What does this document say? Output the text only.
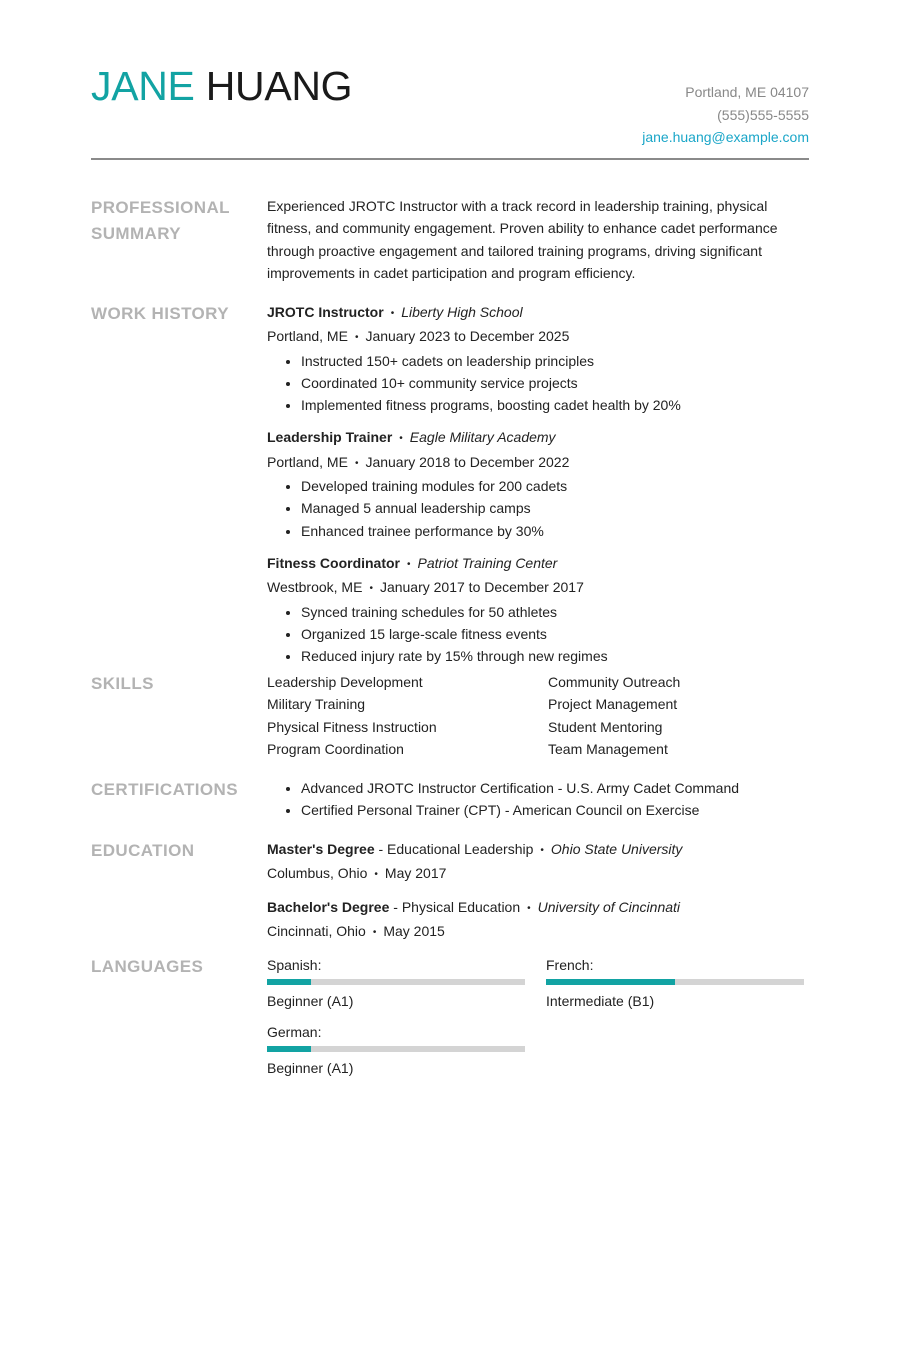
JANE HUANG	Portland, ME 04107
(555)555-5555
jane.huang@example.com
PROFESSIONAL SUMMARY

Experienced JROTC Instructor with a track record in leadership training, physical fitness, and community engagement. Proven ability to enhance cadet performance through proactive engagement and tailored training programs, driving significant improvements in cadet participation and program efficiency.

WORK HISTORY	JROTC Instructor • Liberty High School
Portland, ME • January 2023 to December 2025
• Instructed 150+ cadets on leadership principles
• Coordinated 10+ community service projects
• Implemented fitness programs, boosting cadet health by 20%
Leadership Trainer • Eagle Military Academy
Portland, ME • January 2018 to December 2022
• Developed training modules for 200 cadets
• Managed 5 annual leadership camps
• Enhanced trainee performance by 30%
Fitness Coordinator • Patriot Training Center
Westbrook, ME • January 2017 to December 2017
• Synced training schedules for 50 athletes
• Organized 15 large-scale fitness events
• Reduced injury rate by 15% through new regimes
SKILLS	Leadership Development	Community Outreach
Military Training	Project Management
Physical Fitness Instruction	Student Mentoring
Program Coordination	Team Management
CERTIFICATIONS
•	Advanced JROTC Instructor Certification - U.S. Army Cadet Command
• Certified Personal Trainer (CPT) - American Council on Exercise
EDUCATION	Master's Degree - Educational Leadership • Ohio State University
Columbus, Ohio • May 2017
Bachelor's Degree - Physical Education • University of Cincinnati
Cincinnati, Ohio • May 2015
LANGUAGES	Spanish:
Beginner (A1)
French:
Intermediate (B1)
German:
Beginner (A1)
